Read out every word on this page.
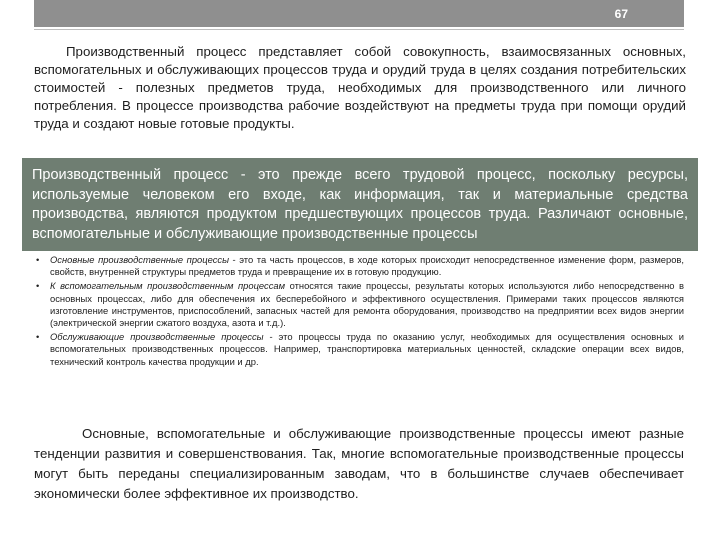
67

Производственный процесс представляет собой совокупность, взаимосвязанных основных, вспомогательных и обслуживающих процессов труда и орудий труда в целях создания потребительских стоимостей - полезных предметов труда, необходимых для производственного или личного потребления. В процессе производства рабочие воздействуют на предметы труда при помощи орудий труда и создают новые готовые продукты.

Производственный процесс - это прежде всего трудовой процесс, поскольку ресурсы, используемые человеком его входе, как информация, так и материальные средства производства, являются продуктом предшествующих процессов труда. Различают основные, вспомогательные и обслуживающие производственные процессы

• Основные производственные процессы - это та часть процессов, в ходе которых происходит непосредственное изменение форм, размеров, свойств, внутренней структуры предметов труда и превращение их в готовую продукцию.
• К вспомогательным производственным процессам относятся такие процессы, результаты которых используются либо непосредственно в основных процессах, либо для обеспечения их бесперебойного и эффективного осуществления. Примерами таких процессов являются изготовление инструментов, приспособлений, запасных частей для ремонта оборудования, производство на предприятии всех видов энергии (электрической энергии сжатого воздуха, азота и т.д.).
• Обслуживающие производственные процессы - это процессы труда по оказанию услуг, необходимых для осуществления основных и вспомогательных производственных процессов. Например, транспортировка материальных ценностей, складские операции всех видов, технический контроль качества продукции и др.

Основные, вспомогательные и обслуживающие производственные процессы имеют разные тенденции развития и совершенствования. Так, многие вспомогательные производственные процессы могут быть переданы специализированным заводам, что в большинстве случаев обеспечивает экономически более эффективное их производство.
